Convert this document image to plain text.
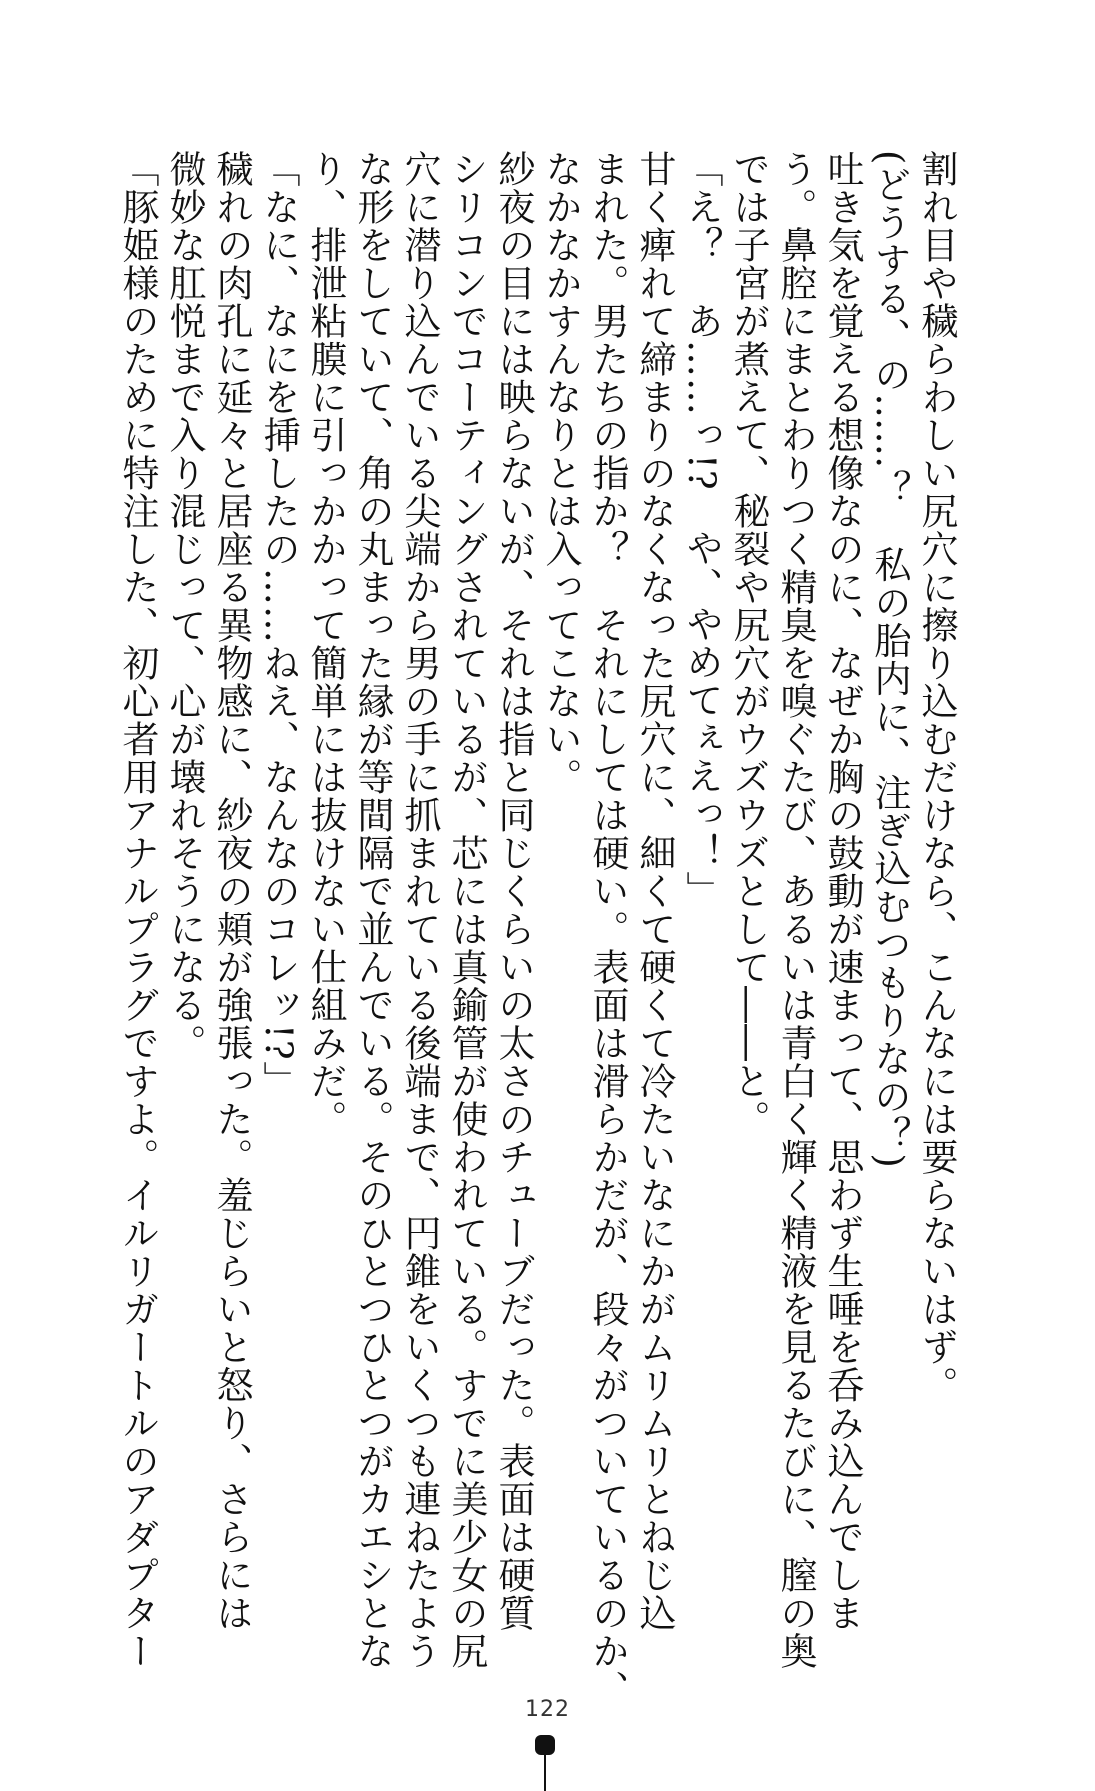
割れ目や穢らわしい尻穴に擦り込むだけなら、こんなには要らないはず。
(どうする、の……？　私の胎内に、注ぎ込むつもりなの？)
吐き気を覚える想像なのに、なぜか胸の鼓動が速まって、思わず生唾を呑み込んでしま
う。鼻腔にまとわりつく精臭を嗅ぐたび、あるいは青白く輝く精液を見るたびに、膣の奥
では子宮が煮えて、秘裂や尻穴がウズウズとして――と。
「え？　あ……っ!?　や、やめてぇえっ！」
甘く痺れて締まりのなくなった尻穴に、細くて硬くて冷たいなにかがムリムリとねじ込
まれた。男たちの指か？　それにしては硬い。表面は滑らかだが、段々がついているのか、
なかなかすんなりとは入ってこない。
紗夜の目には映らないが、それは指と同じくらいの太さのチューブだった。表面は硬質
シリコンでコーティングされているが、芯には真鍮管が使われている。すでに美少女の尻
穴に潜り込んでいる尖端から男の手に抓まれている後端まで、円錐をいくつも連ねたよう
な形をしていて、角の丸まった縁が等間隔で並んでいる。そのひとつひとつがカエシとな
り、排泄粘膜に引っかかって簡単には抜けない仕組みだ。
「なに、なにを挿したの……ねえ、なんなのコレッ!?」
穢れの肉孔に延々と居座る異物感に、紗夜の頬が強張った。羞じらいと怒り、さらには
微妙な肛悦まで入り混じって、心が壊れそうになる。
「豚姫様のために特注した、初心者用アナルプラグですよ。イルリガートルのアダプター
122
